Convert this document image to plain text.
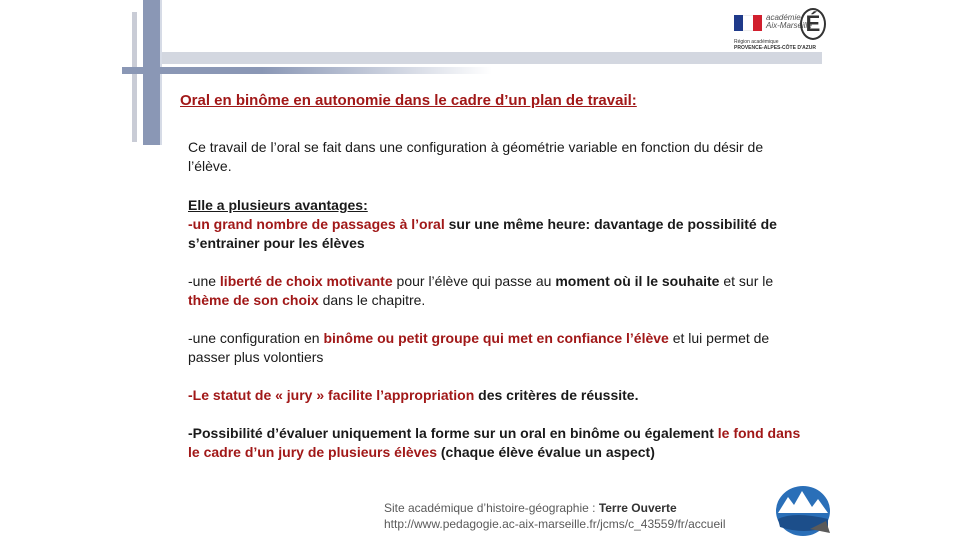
académie
Aix-Marseille
É
Région académique
PROVENCE-ALPES-CÔTE D'AZUR
Oral en binôme en autonomie dans le cadre d’un plan de travail:

Ce travail de l’oral se fait dans une configuration à géométrie variable en fonction du désir de l’élève.

Elle a plusieurs avantages:

-un grand nombre de passages à l’oral sur une même heure: davantage de possibilité de s’entrainer pour les élèves

-une liberté de choix motivante pour l’élève qui passe au moment où il le souhaite et sur le thème de son choix dans le chapitre.

-une configuration en binôme ou petit groupe qui met en confiance l’élève et lui permet de passer plus volontiers

-Le statut de « jury » facilite l’appropriation des critères de réussite.

-Possibilité d’évaluer uniquement la forme sur un oral en binôme ou également le fond dans le cadre d’un jury de plusieurs élèves (chaque élève évalue un aspect)

Site académique d’histoire-géographie : Terre Ouverte
http://www.pedagogie.ac-aix-marseille.fr/jcms/c_43559/fr/accueil
